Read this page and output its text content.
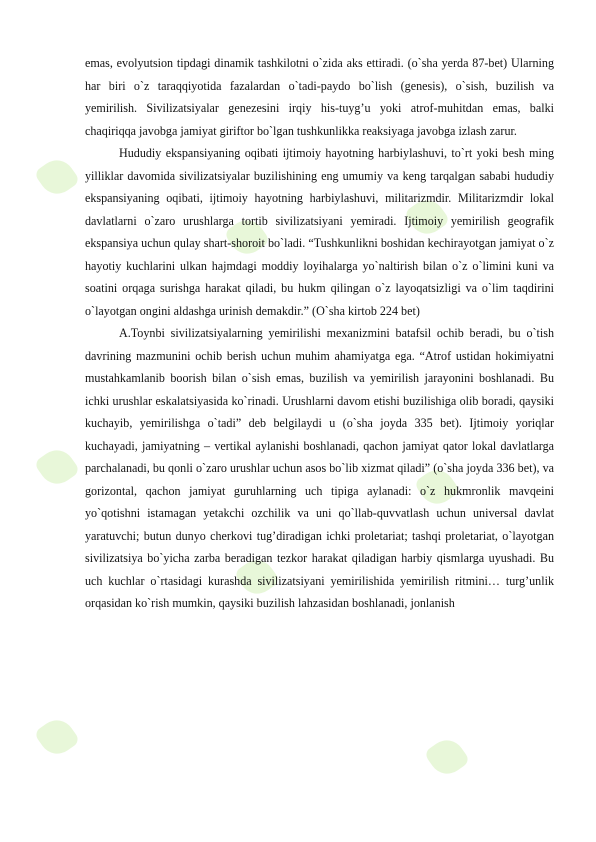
emas, evolyutsion tipdagi dinamik tashkilotni o`zida aks ettiradi. (o`sha yerda 87-bet) Ularning har biri o`z taraqqiyotida fazalardan o`tadi-paydo bo`lish (genesis), o`sish, buzilish va yemirilish. Sivilizatsiyalar genezesini irqiy his-tuyg’u yoki atrof-muhitdan emas, balki chaqiriqqa javobga jamiyat giriftor bo`lgan tushkunlikka reaksiyaga javobga izlash zarur.

Hududiy ekspansiyaning oqibati ijtimoiy hayotning harbiylashuvi, to`rt yoki besh ming yilliklar davomida sivilizatsiyalar buzilishining eng umumiy va keng tarqalgan sababi hududiy ekspansiyaning oqibati, ijtimoiy hayotning harbiylashuvi, militarizmdir. Militarizmdir lokal davlatlarni o`zaro urushlarga tortib sivilizatsiyani yemiradi. Ijtimoiy yemirilish geografik ekspansiya uchun qulay shart-shoroit bo`ladi. “Tushkunlikni boshidan kechirayotgan jamiyat o`z hayotiy kuchlarini ulkan hajmdagi moddiy loyihalarga yo`naltirish bilan o`z o`limini kuni va soatini orqaga surishga harakat qiladi, bu hukm qilingan o`z layoqatsizligi va o`lim taqdirini o`layotgan ongini aldashga urinish demakdir.” (O`sha kirtob 224 bet)

A.Toynbi sivilizatsiyalarning yemirilishi mexanizmini batafsil ochib beradi, bu o`tish davrining mazmunini ochib berish uchun muhim ahamiyatga ega. “Atrof ustidan hokimiyatni mustahkamlanib boorish bilan o`sish emas, buzilish va yemirilish jarayonini boshlanadi. Bu ichki urushlar eskalatsiyasida ko`rinadi. Urushlarni davom etishi buzilishiga olib boradi, qaysiki kuchayib, yemirilishga o`tadi” deb belgilaydi u (o`sha joyda 335 bet). Ijtimoiy yoriqlar kuchayadi, jamiyatning – vertikal aylanishi boshlanadi, qachon jamiyat qator lokal davlatlarga parchalanadi, bu qonli o`zaro urushlar uchun asos bo`lib xizmat qiladi” (o`sha joyda 336 bet), va gorizontal, qachon jamiyat guruhlarning uch tipiga aylanadi: o`z hukmronlik mavqeini yo`qotishni istamagan yetakchi ozchilik va uni qo`llab-quvvatlash uchun universal davlat yaratuvchi; butun dunyo cherkovi tug’diradigan ichki proletariat; tashqi proletariat, o`layotgan sivilizatsiya bo`yicha zarba beradigan tezkor harakat qiladigan harbiy qismlarga uyushadi. Bu uch kuchlar o`rtasidagi kurashda sivilizatsiyani yemirilishida yemirilish ritmini… turg’unlik orqasidan ko`rish mumkin, qaysiki buzilish lahzasidan boshlanadi, jonlanish
